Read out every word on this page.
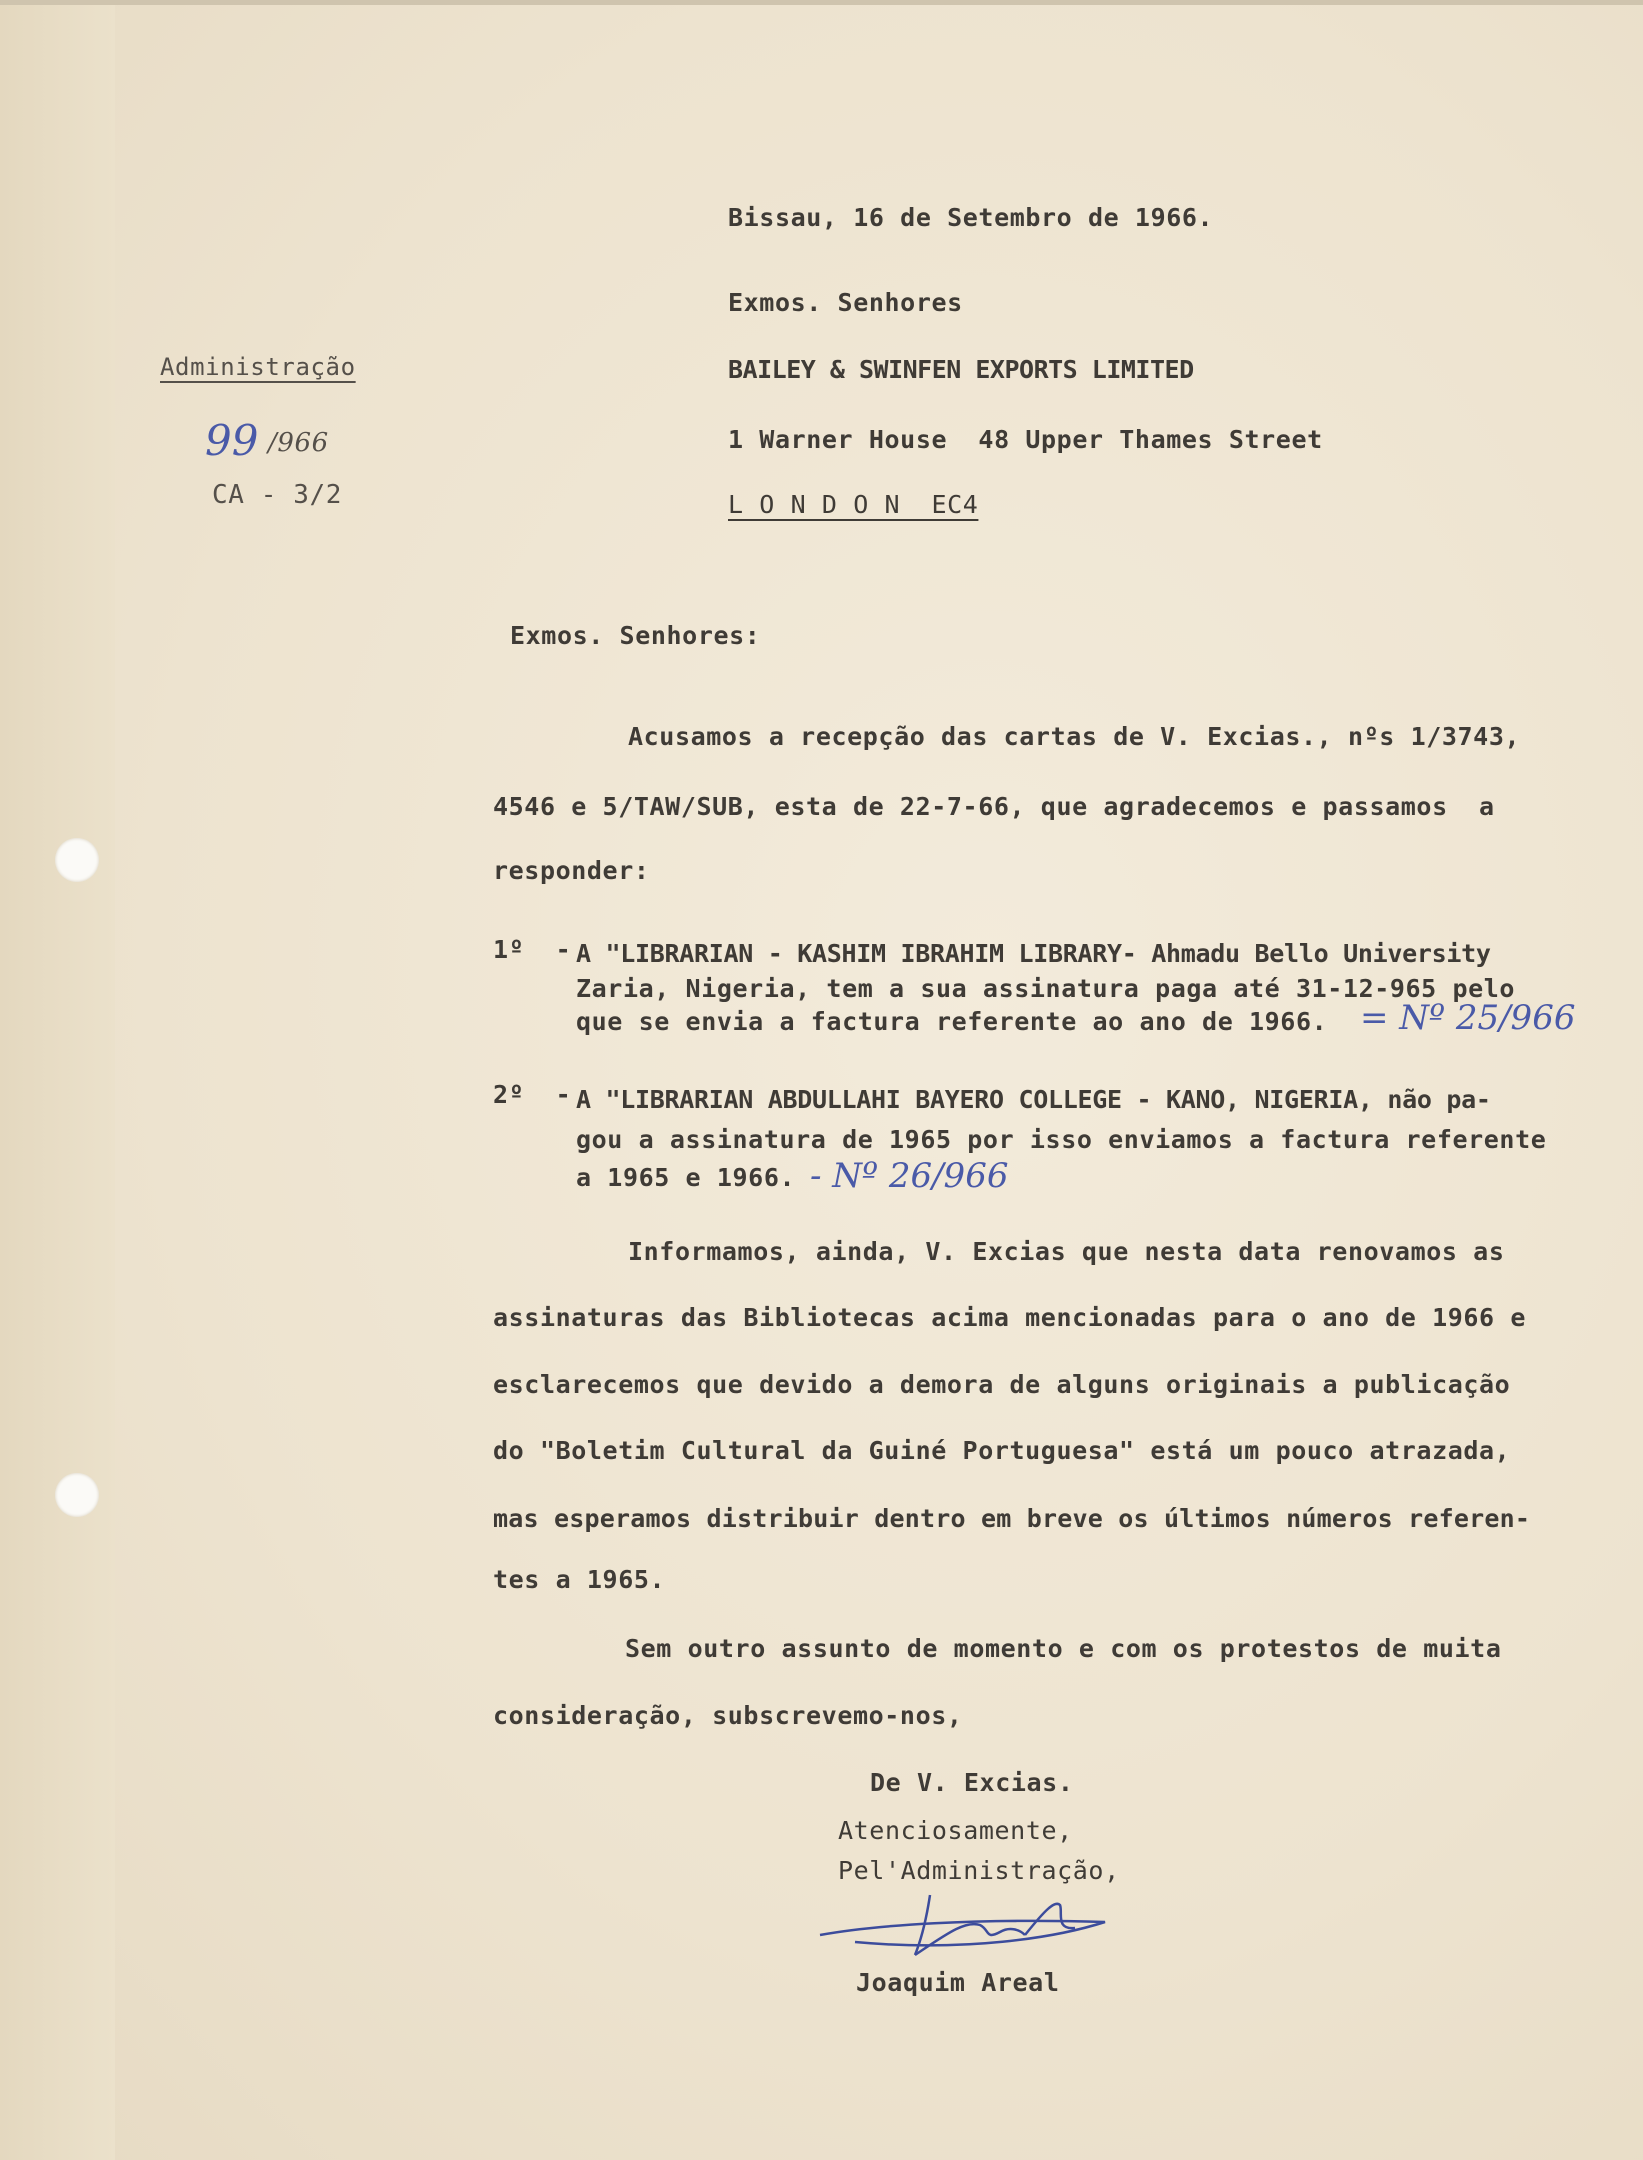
Administração
99 /966
CA - 3/2
Bissau, 16 de Setembro de 1966.
Exmos. Senhores
BAILEY & SWINFEN EXPORTS LIMITED
1 Warner House  48 Upper Thames Street
L O N D O N  EC4
Exmos. Senhores:
Acusamos a recepção das cartas de V. Excias., nºs 1/3743,
4546 e 5/TAW/SUB, esta de 22-7-66, que agradecemos e passamos  a
responder:
1º  - A "LIBRARIAN - KASHIM IBRAHIM LIBRARY- Ahmadu Bello University
Zaria, Nigeria, tem a sua assinatura paga até 31-12-965 pelo
que se envia a factura referente ao ano de 1966. = Nº 25/966
2º  - A "LIBRARIAN ABDULLAHI BAYERO COLLEGE - KANO, NIGERIA, não pa-
gou a assinatura de 1965 por isso enviamos a factura referente
a 1965 e 1966. - Nº 26/966
Informamos, ainda, V. Excias que nesta data renovamos as
assinaturas das Bibliotecas acima mencionadas para o ano de 1966 e
esclarecemos que devido a demora de alguns originais a publicação
do "Boletim Cultural da Guiné Portuguesa" está um pouco atrazada,
mas esperamos distribuir dentro em breve os últimos números referen-
tes a 1965.
Sem outro assunto de momento e com os protestos de muita
consideração, subscrevemo-nos,
De V. Excias.
Atenciosamente,
Pel'Administração,
JAreal
Joaquim Areal
